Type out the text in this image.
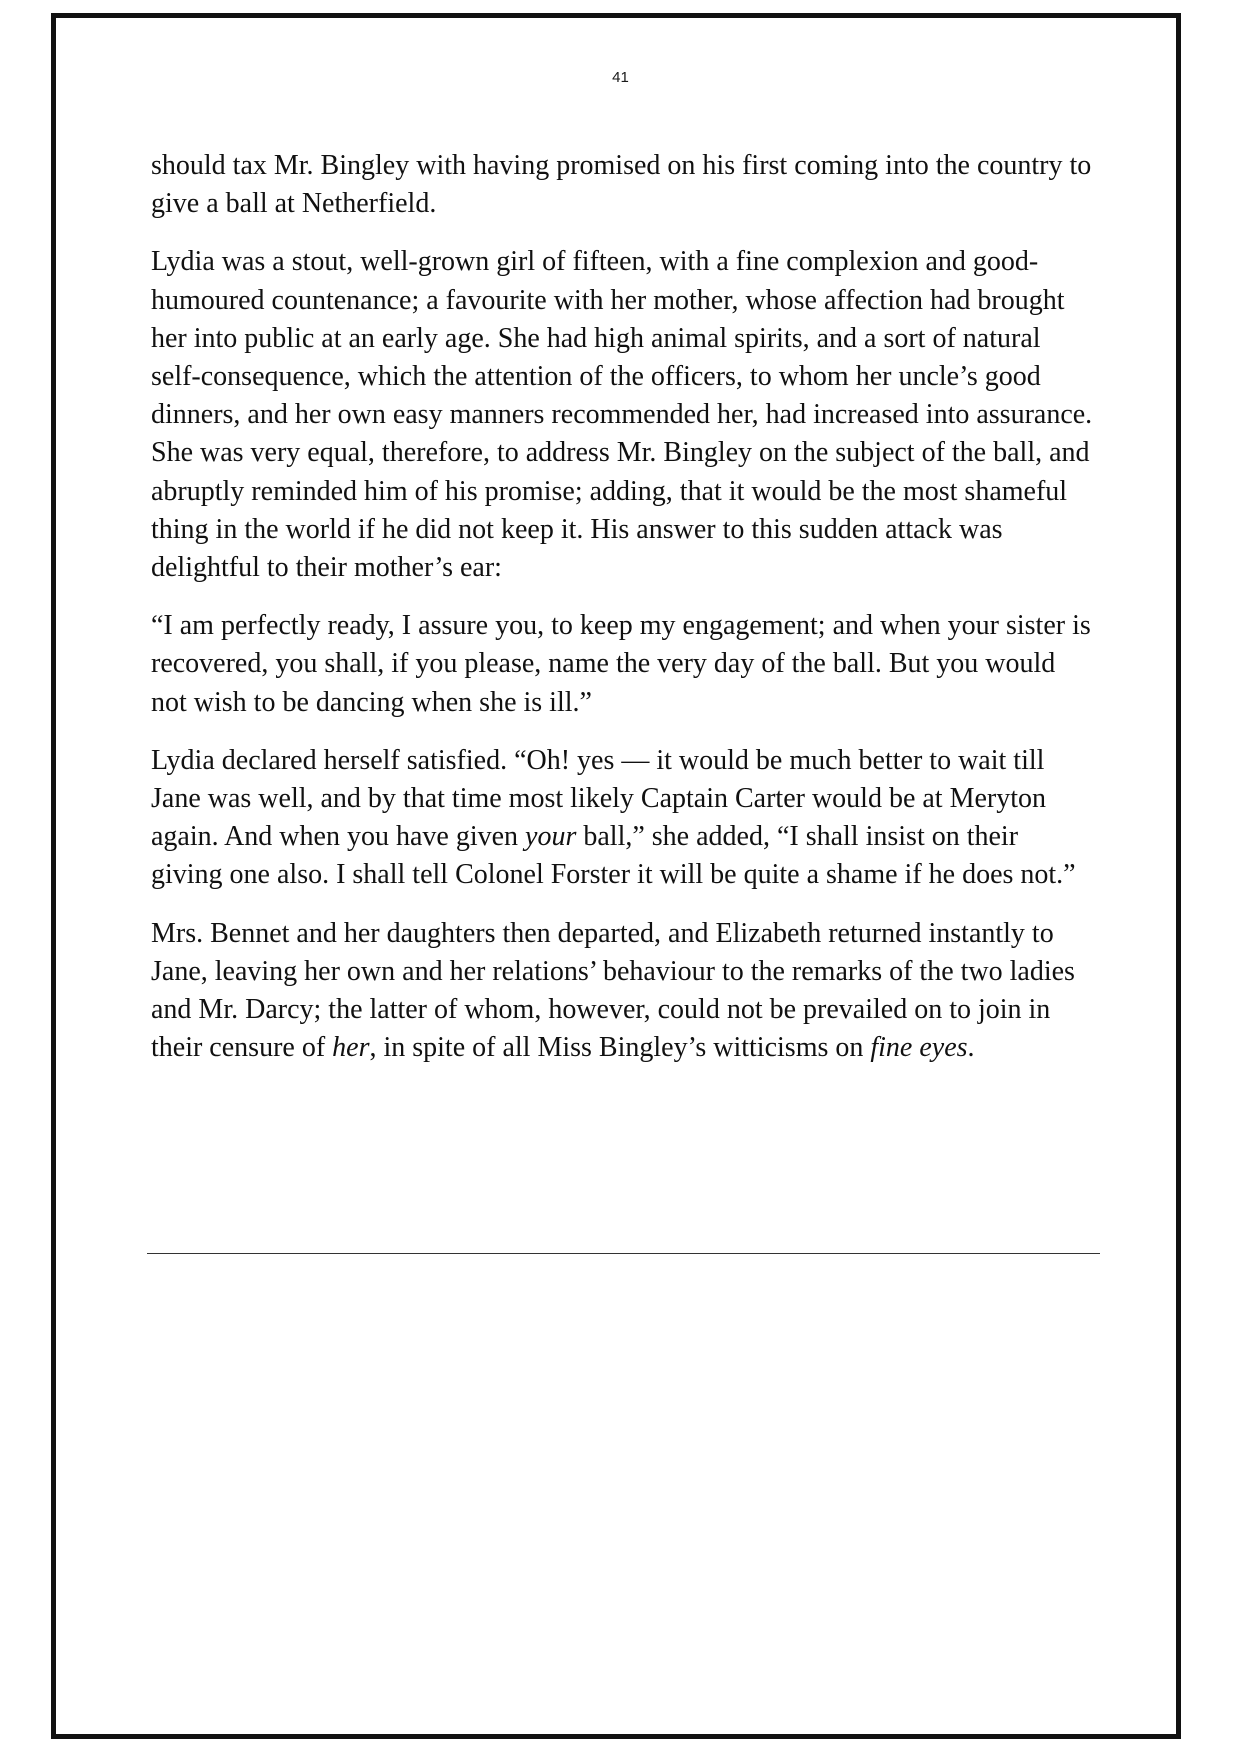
41

should tax Mr. Bingley with having promised on his first coming into the country to give a ball at Netherfield.

Lydia was a stout, well-grown girl of fifteen, with a fine complexion and good-humoured countenance; a favourite with her mother, whose affection had brought her into public at an early age. She had high animal spirits, and a sort of natural self-consequence, which the attention of the officers, to whom her uncle’s good dinners, and her own easy manners recommended her, had increased into assurance. She was very equal, therefore, to address Mr. Bingley on the subject of the ball, and abruptly reminded him of his promise; adding, that it would be the most shameful thing in the world if he did not keep it. His answer to this sudden attack was delightful to their mother’s ear:

“I am perfectly ready, I assure you, to keep my engagement; and when your sister is recovered, you shall, if you please, name the very day of the ball. But you would not wish to be dancing when she is ill.”

Lydia declared herself satisfied. “Oh! yes — it would be much better to wait till Jane was well, and by that time most likely Captain Carter would be at Meryton again. And when you have given your ball,” she added, “I shall insist on their giving one also. I shall tell Colonel Forster it will be quite a shame if he does not.”

Mrs. Bennet and her daughters then departed, and Elizabeth returned instantly to Jane, leaving her own and her relations’ behaviour to the remarks of the two ladies and Mr. Darcy; the latter of whom, however, could not be prevailed on to join in their censure of her, in spite of all Miss Bingley’s witticisms on fine eyes.
